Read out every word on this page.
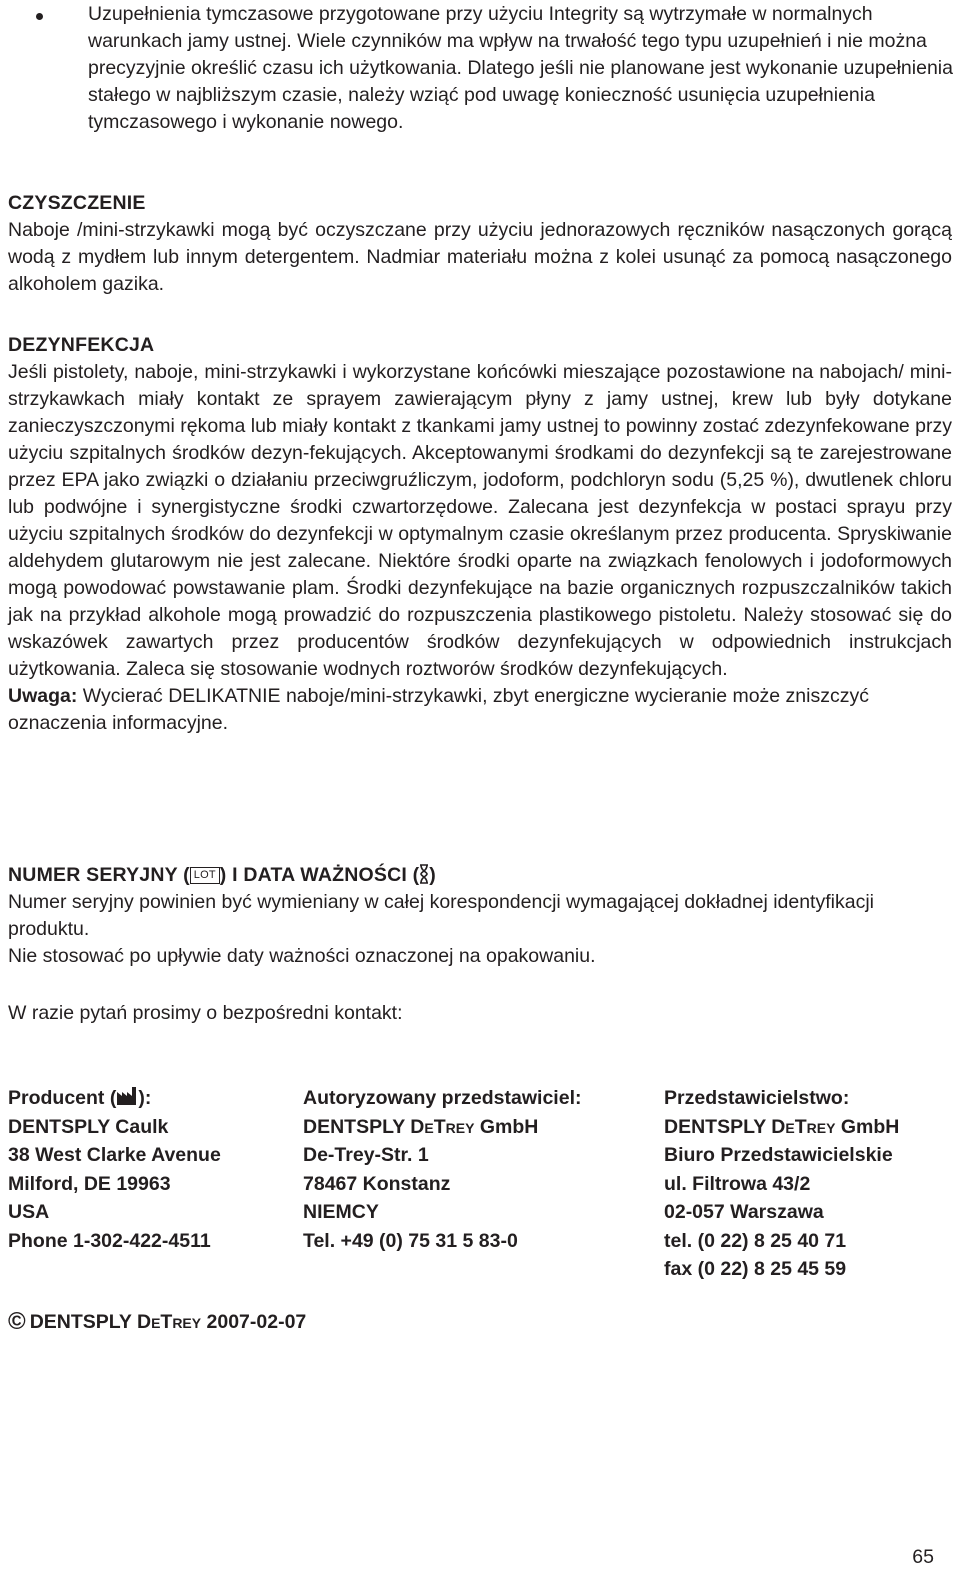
Uzupełnienia tymczasowe przygotowane przy użyciu Integrity są wytrzymałe w normalnych warunkach jamy ustnej. Wiele czynników ma wpływ na trwałość tego typu uzupełnień i nie można precyzyjnie określić czasu ich użytkowania. Dlatego jeśli nie planowane jest wykonanie uzupełnienia stałego w najbliższym czasie, należy wziąć pod uwagę konieczność usunięcia uzupełnienia tymczasowego i wykonanie nowego.
CZYSZCZENIE
Naboje /mini-strzykawki mogą być oczyszczane przy użyciu jednorazowych ręczników nasączonych gorącą wodą z mydłem lub innym detergentem. Nadmiar materiału można z kolei usunąć za pomocą nasączonego alkoholem gazika.
DEZYNFEKCJA
Jeśli pistolety, naboje, mini-strzykawki i wykorzystane końcówki mieszające pozostawione na nabojach/ mini-strzykawkach miały kontakt ze sprayem zawierającym płyny z jamy ustnej, krew lub były dotykane zanieczyszczonymi rękoma lub miały kontakt z tkankami jamy ustnej to powinny zostać zdezynfekowane przy użyciu szpitalnych środków dezyn-fekujących. Akceptowanymi środkami do dezynfekcji są te zarejestrowane przez EPA jako związki o działaniu przeciwgruźliczym, jodoform, podchloryn sodu (5,25 %), dwutlenek chloru lub podwójne i synergistyczne środki czwartorzędowe. Zalecana jest dezynfekcja w postaci sprayu przy użyciu szpitalnych środków do dezynfekcji w optymalnym czasie określanym przez producenta. Spryskiwanie aldehydem glutarowym nie jest zalecane. Niektóre środki oparte na związkach fenolowych i jodoformowych mogą powodować powstawanie plam. Środki dezynfekujące na bazie organicznych rozpuszczalników takich jak na przykład alkohole mogą prowadzić do rozpuszczenia plastikowego pistoletu. Należy stosować się do wskazówek zawartych przez producentów środków dezynfekujących w odpowiednich instrukcjach użytkowania. Zaleca się stosowanie wodnych roztworów środków dezynfekujących.
Uwaga: Wycierać DELIKATNIE naboje/mini-strzykawki, zbyt energiczne wycieranie może zniszczyć oznaczenia informacyjne.
NUMER SERYJNY ( LOT ) I DATA WAŻNOŚCI ( )
Numer seryjny powinien być wymieniany w całej korespondencji wymagającej dokładnej identyfikacji produktu.
Nie stosować po upływie daty ważności oznaczonej na opakowaniu.
W razie pytań prosimy o bezpośredni kontakt:
Producent ( ):
DENTSPLY Caulk
38 West Clarke Avenue
Milford, DE 19963
USA
Phone 1-302-422-4511
Autoryzowany przedstawiciel:
DENTSPLY DeTrey GmbH
De-Trey-Str. 1
78467 Konstanz
NIEMCY
Tel. +49 (0) 75 31 5 83-0
Przedstawicielstwo:
DENTSPLY DeTrey GmbH
Biuro Przedstawicielskie
ul. Filtrowa 43/2
02-057 Warszawa
tel. (0 22) 8 25 40 71
fax (0 22) 8 25 45 59
© DENTSPLY DeTrey 2007-02-07
65
